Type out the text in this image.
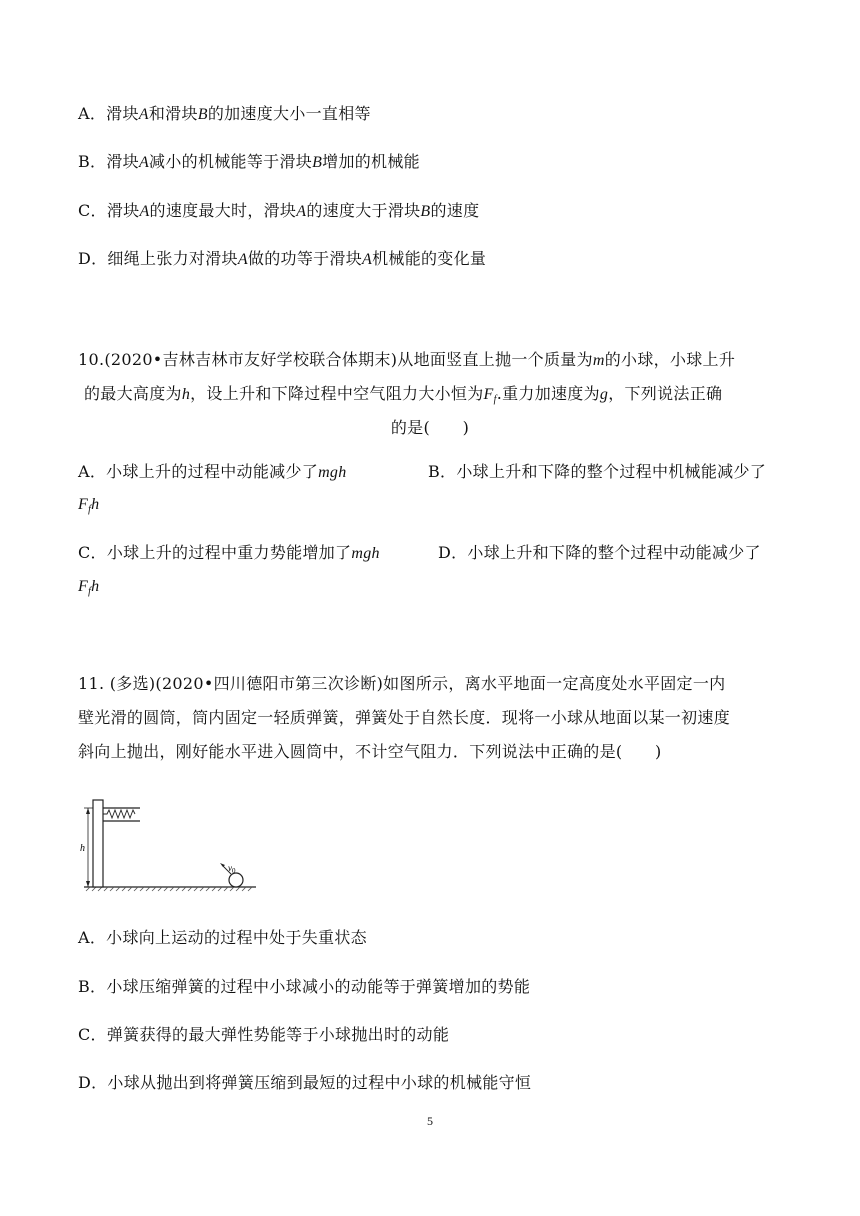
A．滑块A和滑块B的加速度大小一直相等
B．滑块A减小的机械能等于滑块B增加的机械能
C．滑块A的速度最大时，滑块A的速度大于滑块B的速度
D．细绳上张力对滑块A做的功等于滑块A机械能的变化量
10.(2020•吉林吉林市友好学校联合体期末)从地面竖直上抛一个质量为m的小球，小球上升
的最大高度为h，设上升和下降过程中空气阻力大小恒为$F_f$.重力加速度为g，下列说法正确
的是(　　)
A．小球上升的过程中动能减少了mgh	B．小球上升和下降的整个过程中机械能减少了
$F_fh$
C．小球上升的过程中重力势能增加了mgh	D．小球上升和下降的整个过程中动能减少了
$F_fh$
11. (多选)(2020•四川德阳市第三次诊断)如图所示，离水平地面一定高度处水平固定一内
壁光滑的圆筒，筒内固定一轻质弹簧，弹簧处于自然长度．现将一小球从地面以某一初速度
斜向上抛出，刚好能水平进入圆筒中，不计空气阻力．下列说法中正确的是(　　)
h
$v_0$
A．小球向上运动的过程中处于失重状态
B．小球压缩弹簧的过程中小球减小的动能等于弹簧增加的势能
C．弹簧获得的最大弹性势能等于小球抛出时的动能
D．小球从抛出到将弹簧压缩到最短的过程中小球的机械能守恒
5
